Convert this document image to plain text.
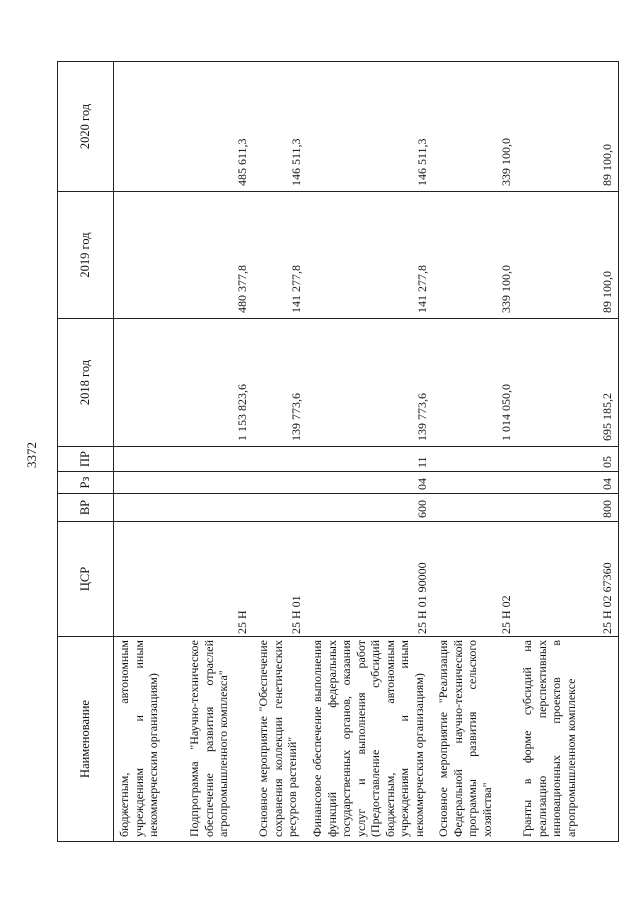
3372
Наименование	ЦСР	ВР	Рз	ПР	2018 год	2019 год	2020 год
бюджетным, автономным учреждениям и иным некоммерческим организациям)							
Подпрограмма "Научно-техническое обеспечение развития отраслей агропромышленного комплекса"	25 Н				1 153 823,6	480 377,8	485 611,3
Основное мероприятие "Обеспечение сохранения коллекции генетических ресурсов растений"	25 Н 01				139 773,6	141 277,8	146 511,3
Финансовое обеспечение выполнения функций федеральных государственных органов, оказания услуг и выполнения работ (Предоставление субсидий бюджетным, автономным учреждениям и иным некоммерческим организациям)	25 Н 01 90000	600	04	11	139 773,6	141 277,8	146 511,3
Основное мероприятие "Реализация Федеральной научно-технической программы развития сельского хозяйства"	25 Н 02				1 014 050,0	339 100,0	339 100,0
Гранты в форме субсидий на реализацию перспективных инновационных проектов в агропромышленном комплексе	25 Н 02 67360	800	04	05	695 185,2	89 100,0	89 100,0
